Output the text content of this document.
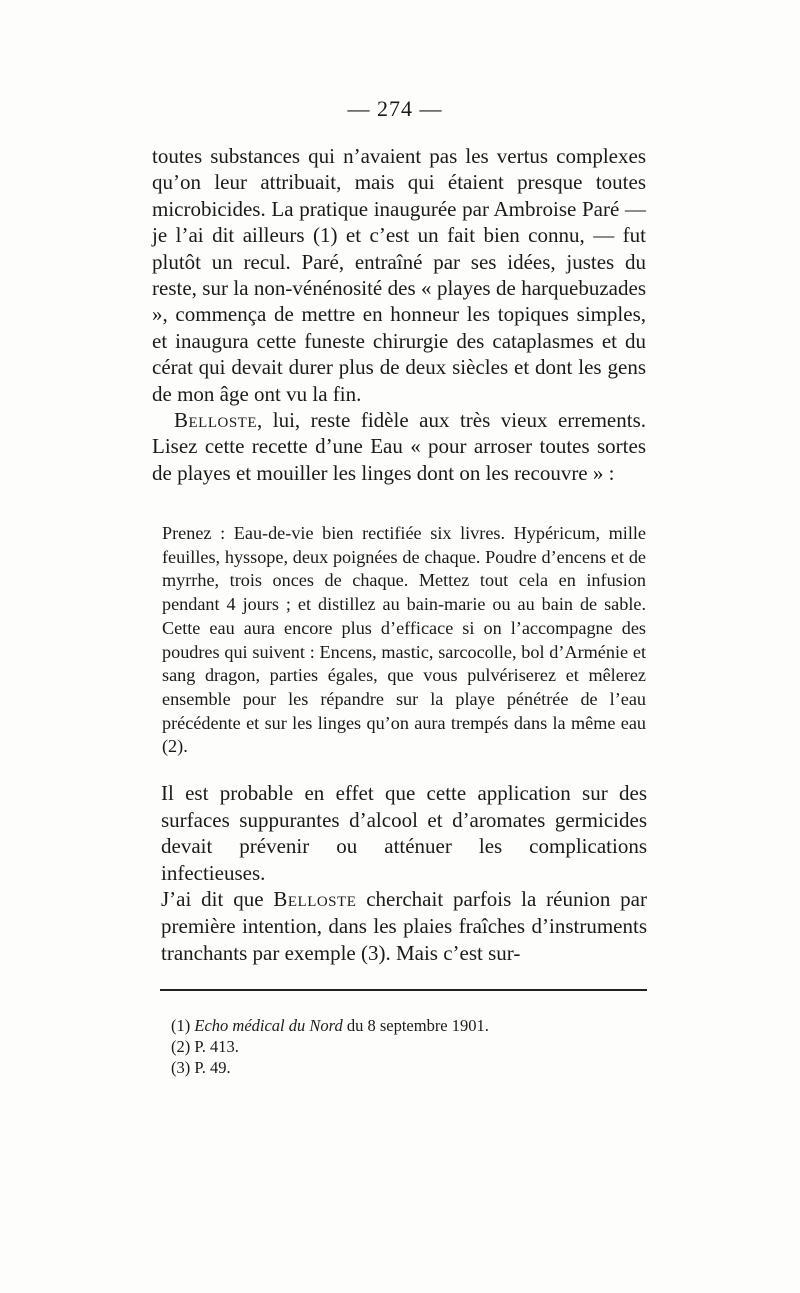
— 274 —

toutes substances qui n’avaient pas les vertus complexes qu’on leur attribuait, mais qui étaient presque toutes microbicides. La pratique inaugurée par Ambroise Paré — je l’ai dit ailleurs (1) et c’est un fait bien connu, — fut plutôt un recul. Paré, entraîné par ses idées, justes du reste, sur la non-vénénosité des « playes de harquebuzades », commença de mettre en honneur les topiques simples, et inaugura cette funeste chirurgie des cataplasmes et du cérat qui devait durer plus de deux siècles et dont les gens de mon âge ont vu la fin.

Belloste, lui, reste fidèle aux très vieux errements. Lisez cette recette d’une Eau « pour arroser toutes sortes de playes et mouiller les linges dont on les recouvre » :

Prenez : Eau-de-vie bien rectifiée six livres. Hypéricum, mille feuilles, hyssope, deux poignées de chaque. Poudre d’encens et de myrrhe, trois onces de chaque. Mettez tout cela en infusion pendant 4 jours ; et distillez au bain-marie ou au bain de sable. Cette eau aura encore plus d’efficace si on l’accompagne des poudres qui suivent : Encens, mastic, sarcocolle, bol d’Arménie et sang dragon, parties égales, que vous pulvériserez et mêlerez ensemble pour les répandre sur la playe pénétrée de l’eau précédente et sur les linges qu’on aura trempés dans la même eau (2).

Il est probable en effet que cette application sur des surfaces suppurantes d’alcool et d’aromates germicides devait prévenir ou atténuer les complications infectieuses.

J’ai dit que Belloste cherchait parfois la réunion par première intention, dans les plaies fraîches d’instruments tranchants par exemple (3). Mais c’est sur-

(1) Echo médical du Nord du 8 septembre 1901.
(2) P. 413.
(3) P. 49.
